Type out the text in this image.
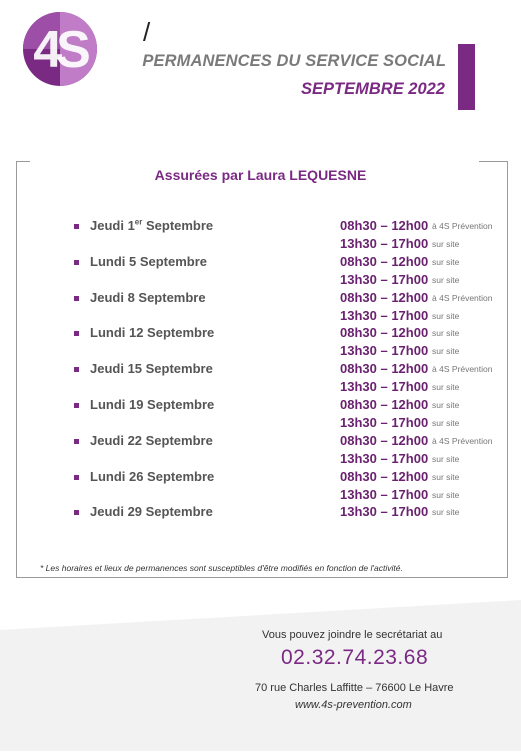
4S /
PERMANENCES DU SERVICE SOCIAL
SEPTEMBRE 2022
Assurées par Laura LEQUESNE
Jeudi 1er Septembre	08h30 – 12h00 à 4S Prévention
13h30 – 17h00 sur site
Lundi 5 Septembre	08h30 – 12h00 sur site
13h30 – 17h00 sur site
Jeudi 8 Septembre	08h30 – 12h00 à 4S Prévention
13h30 – 17h00 sur site
Lundi 12 Septembre	08h30 – 12h00 sur site
13h30 – 17h00 sur site
Jeudi 15 Septembre	08h30 – 12h00 à 4S Prévention
13h30 – 17h00 sur site
Lundi 19 Septembre	08h30 – 12h00 sur site
13h30 – 17h00 sur site
Jeudi 22 Septembre	08h30 – 12h00 à 4S Prévention
13h30 – 17h00 sur site
Lundi 26 Septembre	08h30 – 12h00 sur site
13h30 – 17h00 sur site
Jeudi 29 Septembre	13h30 – 17h00 sur site
* Les horaires et lieux de permanences sont susceptibles d'être modifiés en fonction de l'activité.
Vous pouvez joindre le secrétariat au
02.32.74.23.68
70 rue Charles Laffitte – 76600 Le Havre
www.4s-prevention.com
